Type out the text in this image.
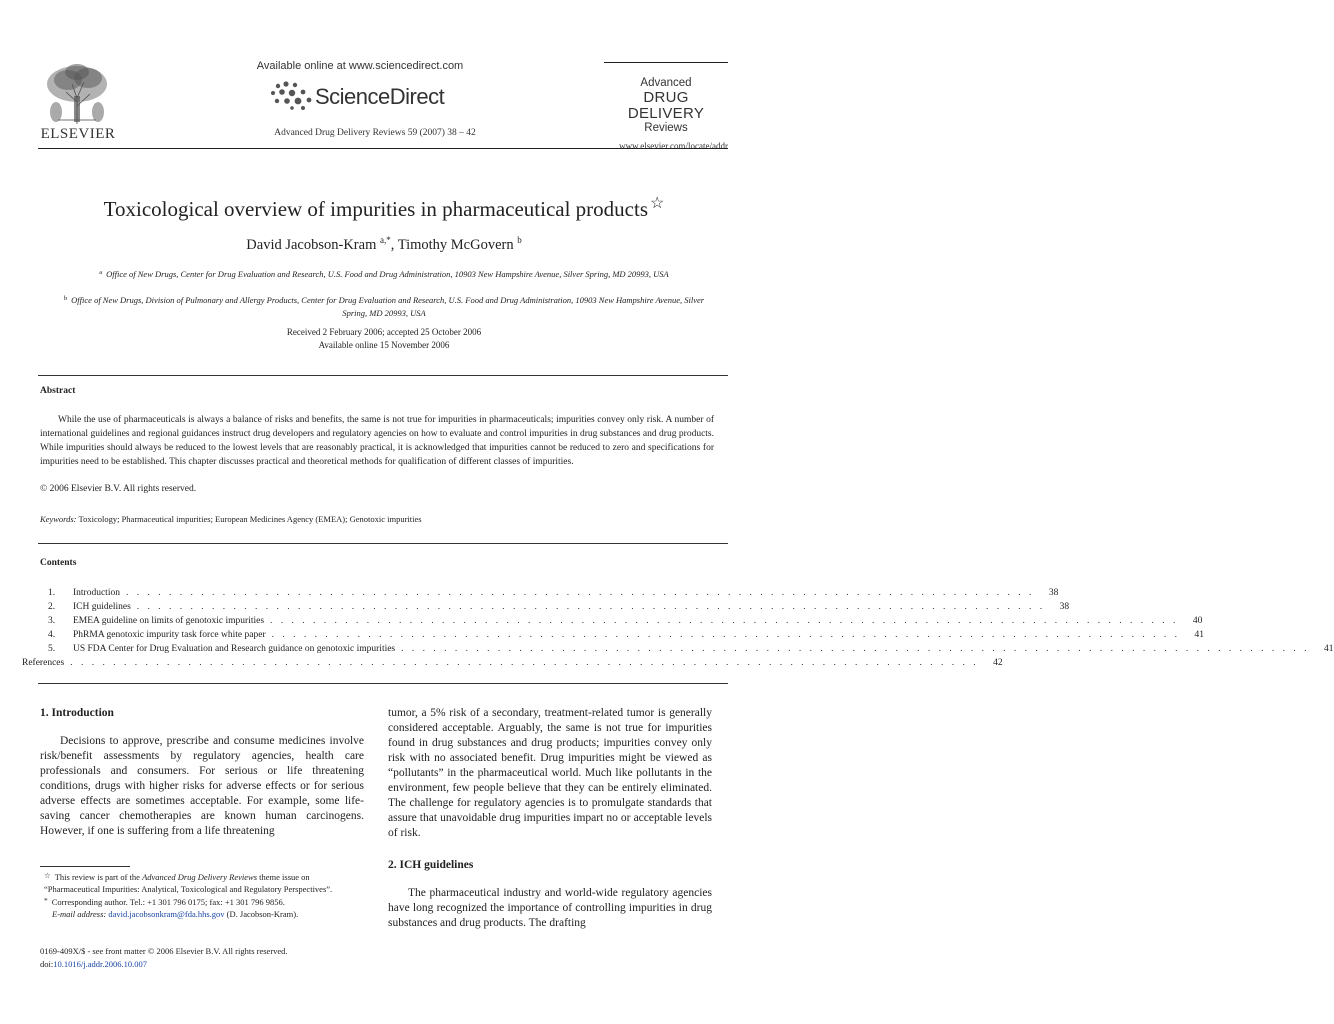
ELSEVIER
Available online at www.sciencedirect.com
ScienceDirect
Advanced Drug Delivery Reviews 59 (2007) 38 – 42
Advanced
DRUG DELIVERY
Reviews
www.elsevier.com/locate/addr
Toxicological overview of impurities in pharmaceutical products ☆
David Jacobson-Kram $^{a,*}$, Timothy McGovern $^b$
$^a$ Office of New Drugs, Center for Drug Evaluation and Research, U.S. Food and Drug Administration, 10903 New Hampshire Avenue, Silver Spring, MD 20993, USA
$^b$ Office of New Drugs, Division of Pulmonary and Allergy Products, Center for Drug Evaluation and Research, U.S. Food and Drug Administration, 10903 New Hampshire Avenue, Silver Spring, MD 20993, USA
Received 2 February 2006; accepted 25 October 2006
Available online 15 November 2006
Abstract
While the use of pharmaceuticals is always a balance of risks and benefits, the same is not true for impurities in pharmaceuticals; impurities convey only risk. A number of international guidelines and regional guidances instruct drug developers and regulatory agencies on how to evaluate and control impurities in drug substances and drug products. While impurities should always be reduced to the lowest levels that are reasonably practical, it is acknowledged that impurities cannot be reduced to zero and specifications for impurities need to be established. This chapter discusses practical and theoretical methods for qualification of different classes of impurities.
© 2006 Elsevier B.V. All rights reserved.
Keywords: Toxicology; Pharmaceutical impurities; European Medicines Agency (EMEA); Genotoxic impurities
Contents
1.	Introduction . . . . . . . . . . . . . . . . . . . . . . . . . . . . . . . . . . . . . . . . . . . . . . . . . . . . . . . . . . . . . . . . . . . . . . . . . . . . . . . . . . . . .	38
2.	ICH guidelines . . . . . . . . . . . . . . . . . . . . . . . . . . . . . . . . . . . . . . . . . . . . . . . . . . . . . . . . . . . . . . . . . . . . . . . . . . . . . . . . . . . . .	38
3.	EMEA guideline on limits of genotoxic impurities . . . . . . . . . . . . . . . . . . . . . . . . . . . . . . . . . . . . . . . . . . . . . . . . . . . . . . . . . . . . . . . . . . . . . . . . . . . . . . . . . . . . .	40
4.	PhRMA genotoxic impurity task force white paper . . . . . . . . . . . . . . . . . . . . . . . . . . . . . . . . . . . . . . . . . . . . . . . . . . . . . . . . . . . . . . . . . . . . . . . . . . . . . . . . . . . . .	41
5.	US FDA Center for Drug Evaluation and Research guidance on genotoxic impurities . . . . . . . . . . . . . . . . . . . . . . . . . . . . . . . . . . . . . . . . . . . . . . . . . . . . . . . . . . . . . . . . . . . . . . . . . . . . . . . . . . . . .	41
References . . . . . . . . . . . . . . . . . . . . . . . . . . . . . . . . . . . . . . . . . . . . . . . . . . . . . . . . . . . . . . . . . . . . . . . . . . . . . . . . . . . . .	42
1. Introduction

Decisions to approve, prescribe and consume medicines involve risk/benefit assessments by regulatory agencies, health care professionals and consumers. For serious or life threatening conditions, drugs with higher risks for adverse effects or for serious adverse effects are sometimes acceptable. For example, some life-saving cancer chemotherapies are known human carcinogens. However, if one is suffering from a life threatening

☆ This review is part of the Advanced Drug Delivery Reviews theme issue on “Pharmaceutical Impurities: Analytical, Toxicological and Regulatory Perspectives”.
* Corresponding author. Tel.: +1 301 796 0175; fax: +1 301 796 9856.
E-mail address: david.jacobsonkram@fda.hhs.gov (D. Jacobson-Kram).
0169-409X/$ - see front matter © 2006 Elsevier B.V. All rights reserved.
doi:10.1016/j.addr.2006.10.007

tumor, a 5% risk of a secondary, treatment-related tumor is generally considered acceptable. Arguably, the same is not true for impurities found in drug substances and drug products; impurities convey only risk with no associated benefit. Drug impurities might be viewed as “pollutants” in the pharmaceutical world. Much like pollutants in the environment, few people believe that they can be entirely eliminated. The challenge for regulatory agencies is to promulgate standards that assure that unavoidable drug impurities impart no or acceptable levels of risk.

2. ICH guidelines

The pharmaceutical industry and world-wide regulatory agencies have long recognized the importance of controlling impurities in drug substances and drug products. The drafting
